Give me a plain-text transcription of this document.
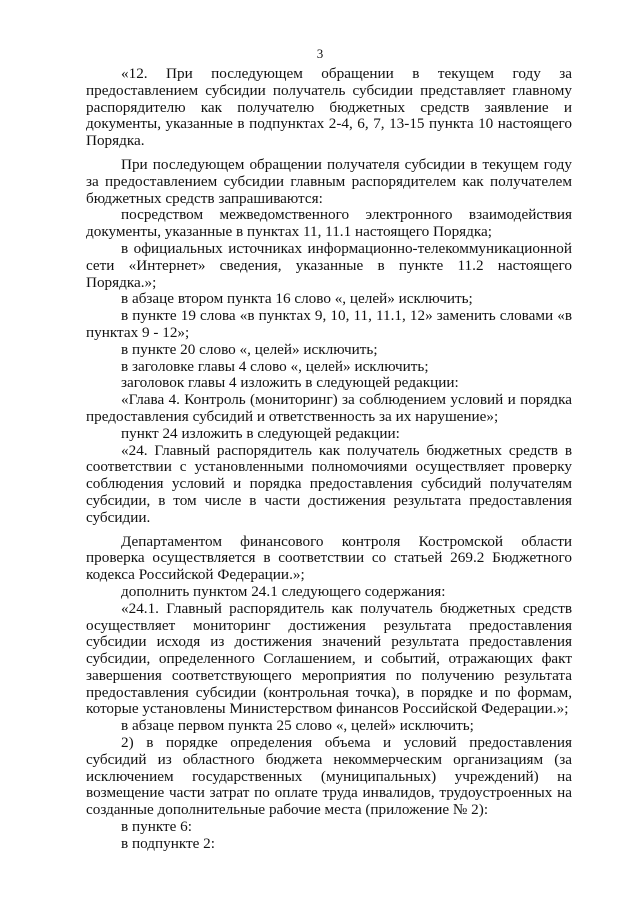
3

«12. При последующем обращении в текущем году за предоставлением субсидии получатель субсидии представляет главному распорядителю как получателю бюджетных средств заявление и документы, указанные в подпунктах 2-4, 6, 7, 13-15 пункта 10 настоящего Порядка.

При последующем обращении получателя субсидии в текущем году за предоставлением субсидии главным распорядителем как получателем бюджетных средств запрашиваются:

посредством межведомственного электронного взаимодействия документы, указанные в пунктах 11, 11.1 настоящего Порядка;

в официальных источниках информационно-телекоммуникационной сети «Интернет» сведения, указанные в пункте 11.2 настоящего Порядка.»;

в абзаце втором пункта 16 слово «, целей» исключить;

в пункте 19 слова «в пунктах 9, 10, 11, 11.1, 12» заменить словами «в пунктах 9 - 12»;

в пункте 20 слово «, целей» исключить;

в заголовке главы 4 слово «, целей» исключить;

заголовок главы 4 изложить в следующей редакции:

«Глава 4. Контроль (мониторинг) за соблюдением условий и порядка предоставления субсидий и ответственность за их нарушение»;

пункт 24 изложить в следующей редакции:

«24. Главный распорядитель как получатель бюджетных средств в соответствии с установленными полномочиями осуществляет проверку соблюдения условий и порядка предоставления субсидий получателям субсидии, в том числе в части достижения результата предоставления субсидии.

Департаментом финансового контроля Костромской области проверка осуществляется в соответствии со статьей 269.2 Бюджетного кодекса Российской Федерации.»;

дополнить пунктом 24.1 следующего содержания:

«24.1. Главный распорядитель как получатель бюджетных средств осуществляет мониторинг достижения результата предоставления субсидии исходя из достижения значений результата предоставления субсидии, определенного Соглашением, и событий, отражающих факт завершения соответствующего мероприятия по получению результата предоставления субсидии (контрольная точка), в порядке и по формам, которые установлены Министерством финансов Российской Федерации.»;

в абзаце первом пункта 25 слово «, целей» исключить;

2) в порядке определения объема и условий предоставления субсидий из областного бюджета некоммерческим организациям (за исключением государственных (муниципальных) учреждений) на возмещение части затрат по оплате труда инвалидов, трудоустроенных на созданные дополнительные рабочие места (приложение № 2):

в пункте 6:

в подпункте 2:
